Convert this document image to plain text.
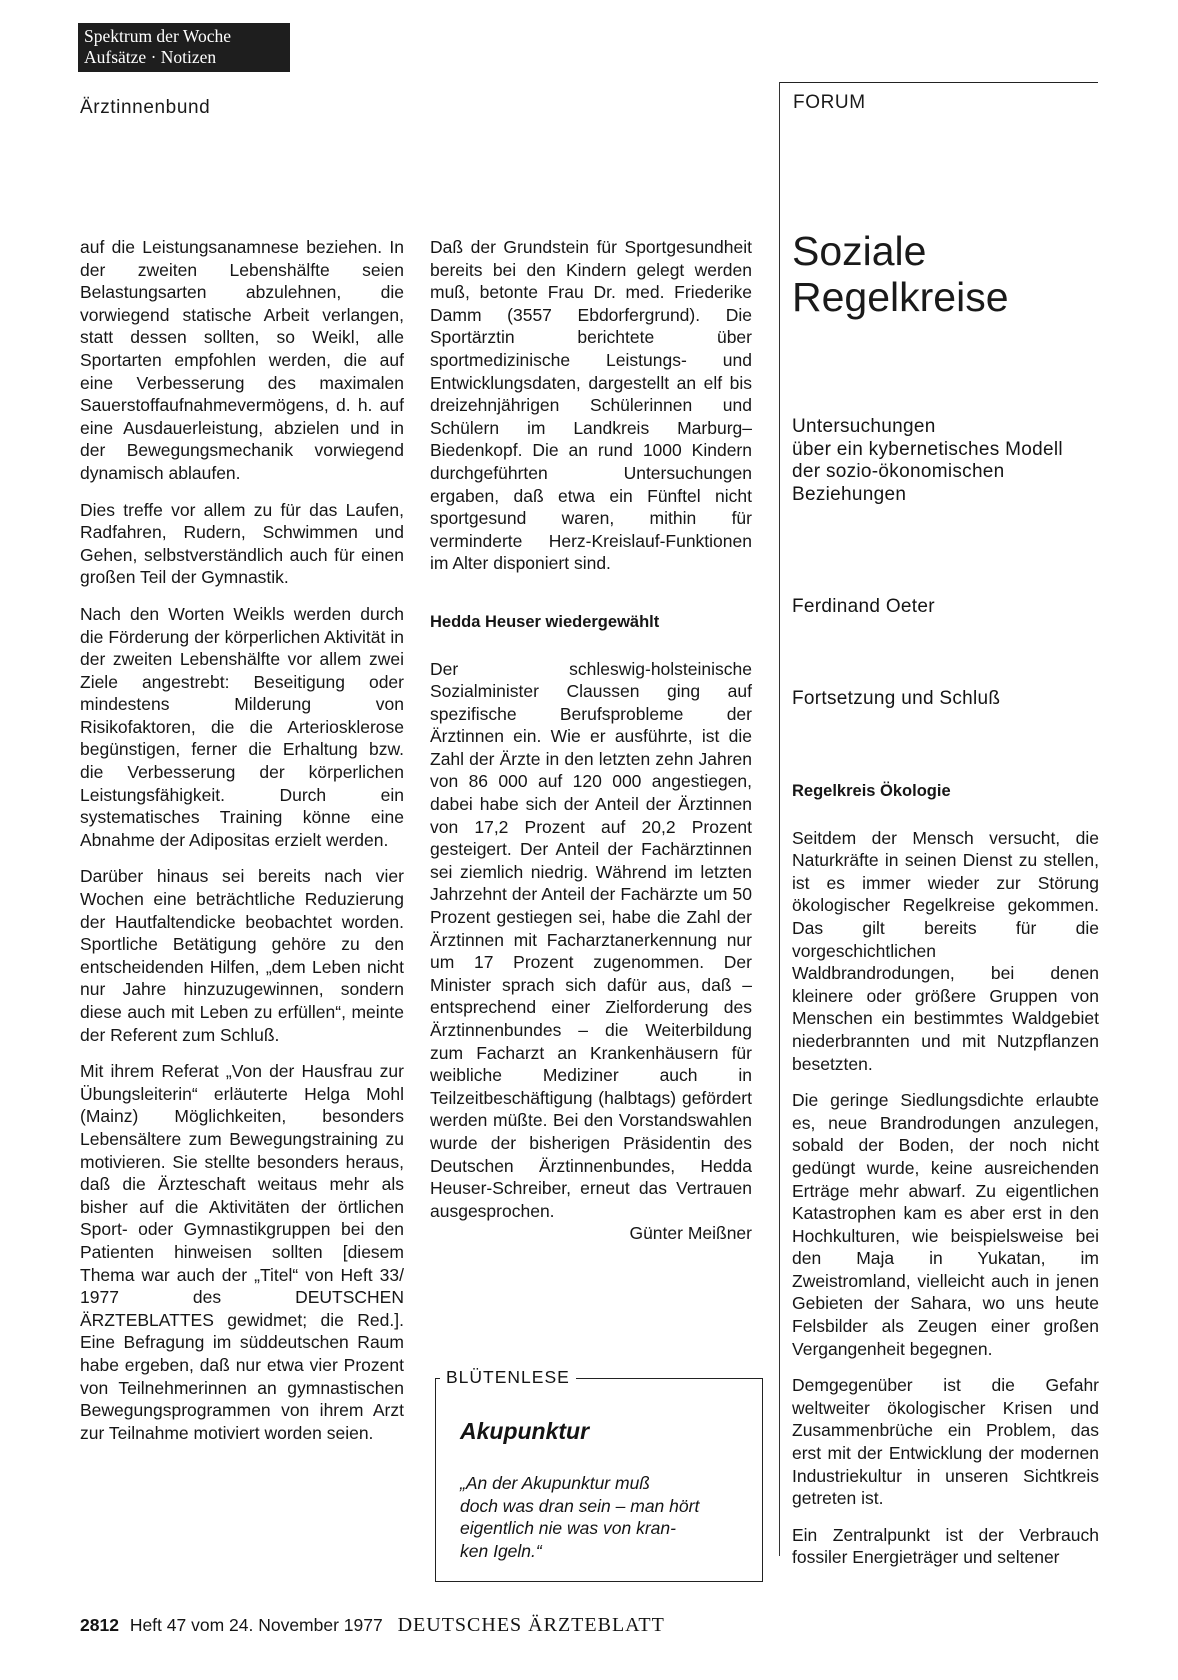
Spektrum der Woche
Aufsätze · Notizen
Ärztinnenbund	FORUM

auf die Leistungsanamnese beziehen. In der zweiten Lebenshälfte seien Belastungsarten abzulehnen, die vorwiegend statische Arbeit verlangen, statt dessen sollten, so Weikl, alle Sportarten empfohlen werden, die auf eine Verbesserung des maximalen Sauerstoffaufnahmevermögens, d. h. auf eine Ausdauerleistung, abzielen und in der Bewegungsmechanik vorwiegend dynamisch ablaufen.

Dies treffe vor allem zu für das Laufen, Radfahren, Rudern, Schwimmen und Gehen, selbstverständlich auch für einen großen Teil der Gymnastik.

Nach den Worten Weikls werden durch die Förderung der körperlichen Aktivität in der zweiten Lebenshälfte vor allem zwei Ziele angestrebt: Beseitigung oder mindestens Milderung von Risikofaktoren, die die Arteriosklerose begünstigen, ferner die Erhaltung bzw. die Verbesserung der körperlichen Leistungsfähigkeit. Durch ein systematisches Training könne eine Abnahme der Adipositas erzielt werden.

Darüber hinaus sei bereits nach vier Wochen eine beträchtliche Reduzierung der Hautfaltendicke beobachtet worden. Sportliche Betätigung gehöre zu den entscheidenden Hilfen, „dem Leben nicht nur Jahre hinzuzugewinnen, sondern diese auch mit Leben zu erfüllen“, meinte der Referent zum Schluß.

Mit ihrem Referat „Von der Hausfrau zur Übungsleiterin“ erläuterte Helga Mohl (Mainz) Möglichkeiten, besonders Lebensältere zum Bewegungstraining zu motivieren. Sie stellte besonders heraus, daß die Ärzteschaft weitaus mehr als bisher auf die Aktivitäten der örtlichen Sport- oder Gymnastikgruppen bei den Patienten hinweisen sollten [diesem Thema war auch der „Titel“ von Heft 33/ 1977 des DEUTSCHEN ÄRZTEBLATTES gewidmet; die Red.]. Eine Befragung im süddeutschen Raum habe ergeben, daß nur etwa vier Prozent von Teilnehmerinnen an gymnastischen Bewegungsprogrammen von ihrem Arzt zur Teilnahme motiviert worden seien.

Daß der Grundstein für Sportgesundheit bereits bei den Kindern gelegt werden muß, betonte Frau Dr. med. Friederike Damm (3557 Ebdorfergrund). Die Sportärztin berichtete über sportmedizinische Leistungs- und Entwicklungsdaten, dargestellt an elf bis dreizehnjährigen Schülerinnen und Schülern im Landkreis Marburg–Biedenkopf. Die an rund 1000 Kindern durchgeführten Untersuchungen ergaben, daß etwa ein Fünftel nicht sportgesund waren, mithin für verminderte Herz-Kreislauf-Funktionen im Alter disponiert sind.

Hedda Heuser wiedergewählt

Der schleswig-holsteinische Sozialminister Claussen ging auf spezifische Berufsprobleme der Ärztinnen ein. Wie er ausführte, ist die Zahl der Ärzte in den letzten zehn Jahren von 86 000 auf 120 000 angestiegen, dabei habe sich der Anteil der Ärztinnen von 17,2 Prozent auf 20,2 Prozent gesteigert. Der Anteil der Fachärztinnen sei ziemlich niedrig. Während im letzten Jahrzehnt der Anteil der Fachärzte um 50 Prozent gestiegen sei, habe die Zahl der Ärztinnen mit Facharztanerkennung nur um 17 Prozent zugenommen. Der Minister sprach sich dafür aus, daß – entsprechend einer Zielforderung des Ärztinnenbundes – die Weiterbildung zum Facharzt an Krankenhäusern für weibliche Mediziner auch in Teilzeitbeschäftigung (halbtags) gefördert werden müßte. Bei den Vorstandswahlen wurde der bisherigen Präsidentin des Deutschen Ärztinnenbundes, Hedda Heuser-Schreiber, erneut das Vertrauen ausgesprochen.

Günter Meißner
BLÜTENLESE
Akupunktur
„An der Akupunktur muß
doch was dran sein – man hört
eigentlich nie was von kran-
ken Igeln.“
Soziale
Regelkreise
Untersuchungen
über ein kybernetisches Modell
der sozio-ökonomischen
Beziehungen
Ferdinand Oeter
Fortsetzung und Schluß
Regelkreis Ökologie

Seitdem der Mensch versucht, die Naturkräfte in seinen Dienst zu stellen, ist es immer wieder zur Störung ökologischer Regelkreise gekommen. Das gilt bereits für die vorgeschichtlichen Waldbrandrodungen, bei denen kleinere oder größere Gruppen von Menschen ein bestimmtes Waldgebiet niederbrannten und mit Nutzpflanzen besetzten.

Die geringe Siedlungsdichte erlaubte es, neue Brandrodungen anzulegen, sobald der Boden, der noch nicht gedüngt wurde, keine ausreichenden Erträge mehr abwarf. Zu eigentlichen Katastrophen kam es aber erst in den Hochkulturen, wie beispielsweise bei den Maja in Yukatan, im Zweistromland, vielleicht auch in jenen Gebieten der Sahara, wo uns heute Felsbilder als Zeugen einer großen Vergangenheit begegnen.

Demgegenüber ist die Gefahr weltweiter ökologischer Krisen und Zusammenbrüche ein Problem, das erst mit der Entwicklung der modernen Industriekultur in unseren Sichtkreis getreten ist.

Ein Zentralpunkt ist der Verbrauch fossiler Energieträger und seltener

2812 Heft 47 vom 24. November 1977 DEUTSCHES ÄRZTEBLATT
